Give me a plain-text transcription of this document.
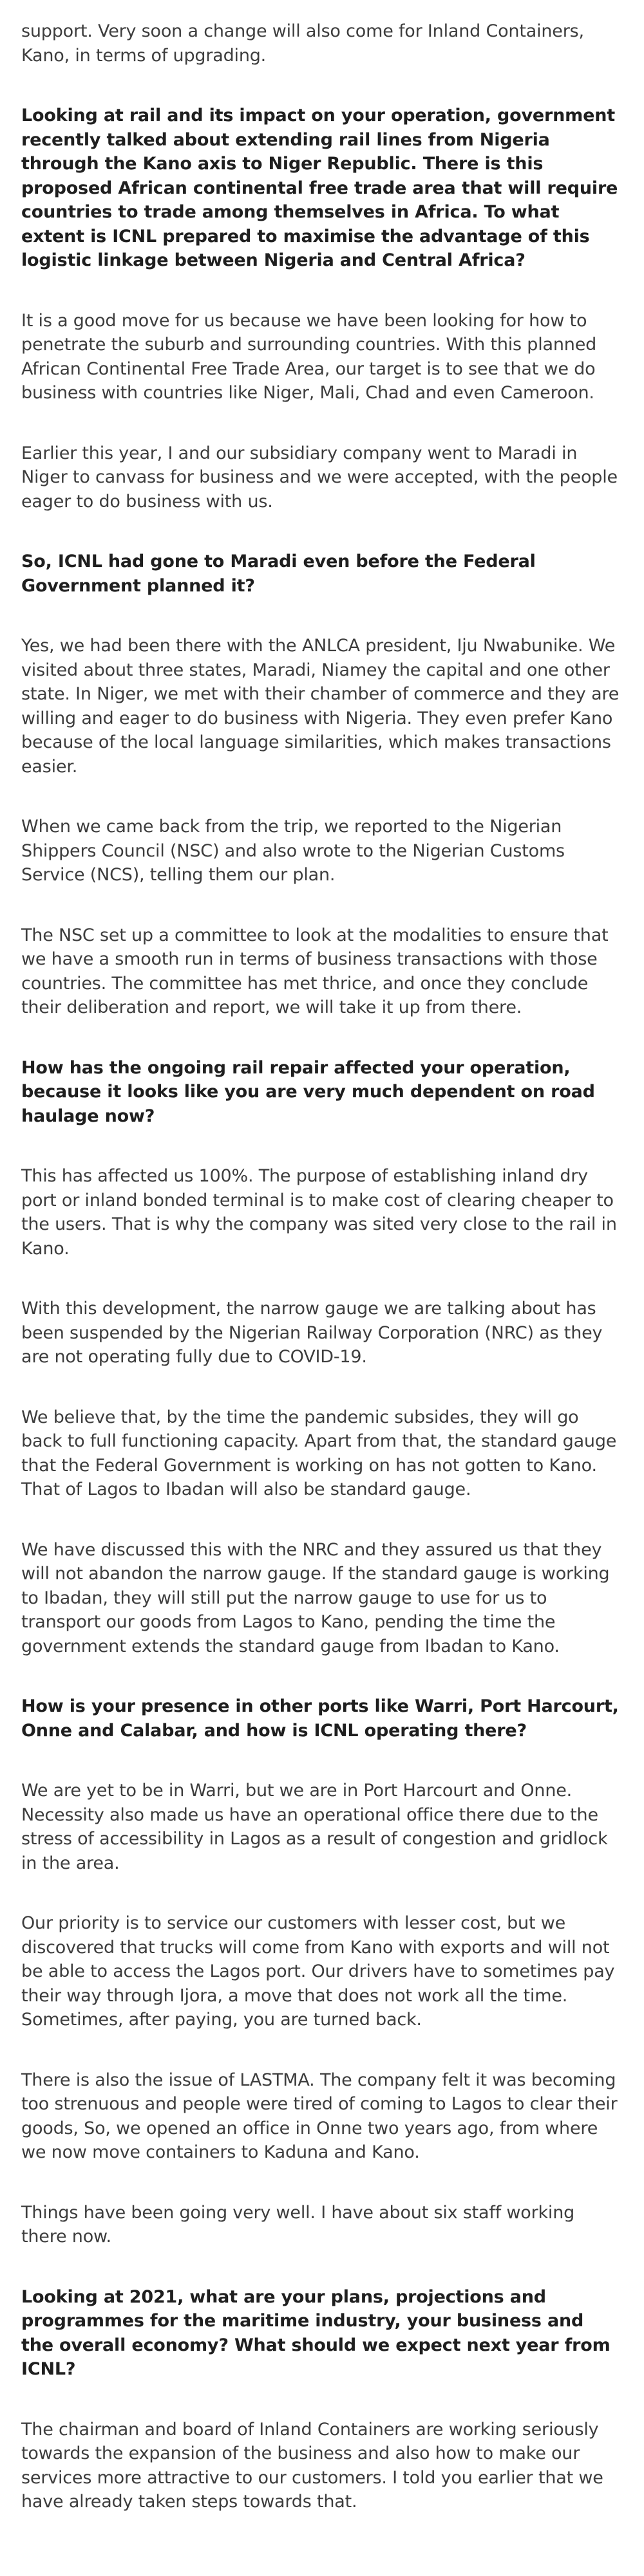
support. Very soon a change will also come for Inland Containers, Kano, in terms of upgrading.

Looking at rail and its impact on your operation, government recently talked about extending rail lines from Nigeria through the Kano axis to Niger Republic. There is this proposed African continental free trade area that will require countries to trade among themselves in Africa. To what extent is ICNL prepared to maximise the advantage of this logistic linkage between Nigeria and Central Africa?

It is a good move for us because we have been looking for how to penetrate the suburb and surrounding countries. With this planned African Continental Free Trade Area, our target is to see that we do business with countries like Niger, Mali, Chad and even Cameroon.

Earlier this year, I and our subsidiary company went to Maradi in Niger to canvass for business and we were accepted, with the people eager to do business with us.

So, ICNL had gone to Maradi even before the Federal Government planned it?

Yes, we had been there with the ANLCA president, Iju Nwabunike. We visited about three states, Maradi, Niamey the capital and one other state. In Niger, we met with their chamber of commerce and they are willing and eager to do business with Nigeria. They even prefer Kano because of the local language similarities, which makes transactions easier.

When we came back from the trip, we reported to the Nigerian Shippers Council (NSC) and also wrote to the Nigerian Customs Service (NCS), telling them our plan.

The NSC set up a committee to look at the modalities to ensure that we have a smooth run in terms of business transactions with those countries. The committee has met thrice, and once they conclude their deliberation and report, we will take it up from there.

How has the ongoing rail repair affected your operation, because it looks like you are very much dependent on road haulage now?

This has affected us 100%. The purpose of establishing inland dry port or inland bonded terminal is to make cost of clearing cheaper to the users. That is why the company was sited very close to the rail in Kano.

With this development, the narrow gauge we are talking about has been suspended by the Nigerian Railway Corporation (NRC) as they are not operating fully due to COVID-19.

We believe that, by the time the pandemic subsides, they will go back to full functioning capacity. Apart from that, the standard gauge that the Federal Government is working on has not gotten to Kano. That of Lagos to Ibadan will also be standard gauge.

We have discussed this with the NRC and they assured us that they will not abandon the narrow gauge. If the standard gauge is working to Ibadan, they will still put the narrow gauge to use for us to transport our goods from Lagos to Kano, pending the time the government extends the standard gauge from Ibadan to Kano.

How is your presence in other ports like Warri, Port Harcourt, Onne and Calabar, and how is ICNL operating there?

We are yet to be in Warri, but we are in Port Harcourt and Onne. Necessity also made us have an operational office there due to the stress of accessibility in Lagos as a result of congestion and gridlock in the area.

Our priority is to service our customers with lesser cost, but we discovered that trucks will come from Kano with exports and will not be able to access the Lagos port. Our drivers have to sometimes pay their way through Ijora, a move that does not work all the time. Sometimes, after paying, you are turned back.

There is also the issue of LASTMA. The company felt it was becoming too strenuous and people were tired of coming to Lagos to clear their goods, So, we opened an office in Onne two years ago, from where we now move containers to Kaduna and Kano.

Things have been going very well. I have about six staff working there now.

Looking at 2021, what are your plans, projections and programmes for the maritime industry, your business and the overall economy? What should we expect next year from ICNL?

The chairman and board of Inland Containers are working seriously towards the expansion of the business and also how to make our services more attractive to our customers. I told you earlier that we have already taken steps towards that.
